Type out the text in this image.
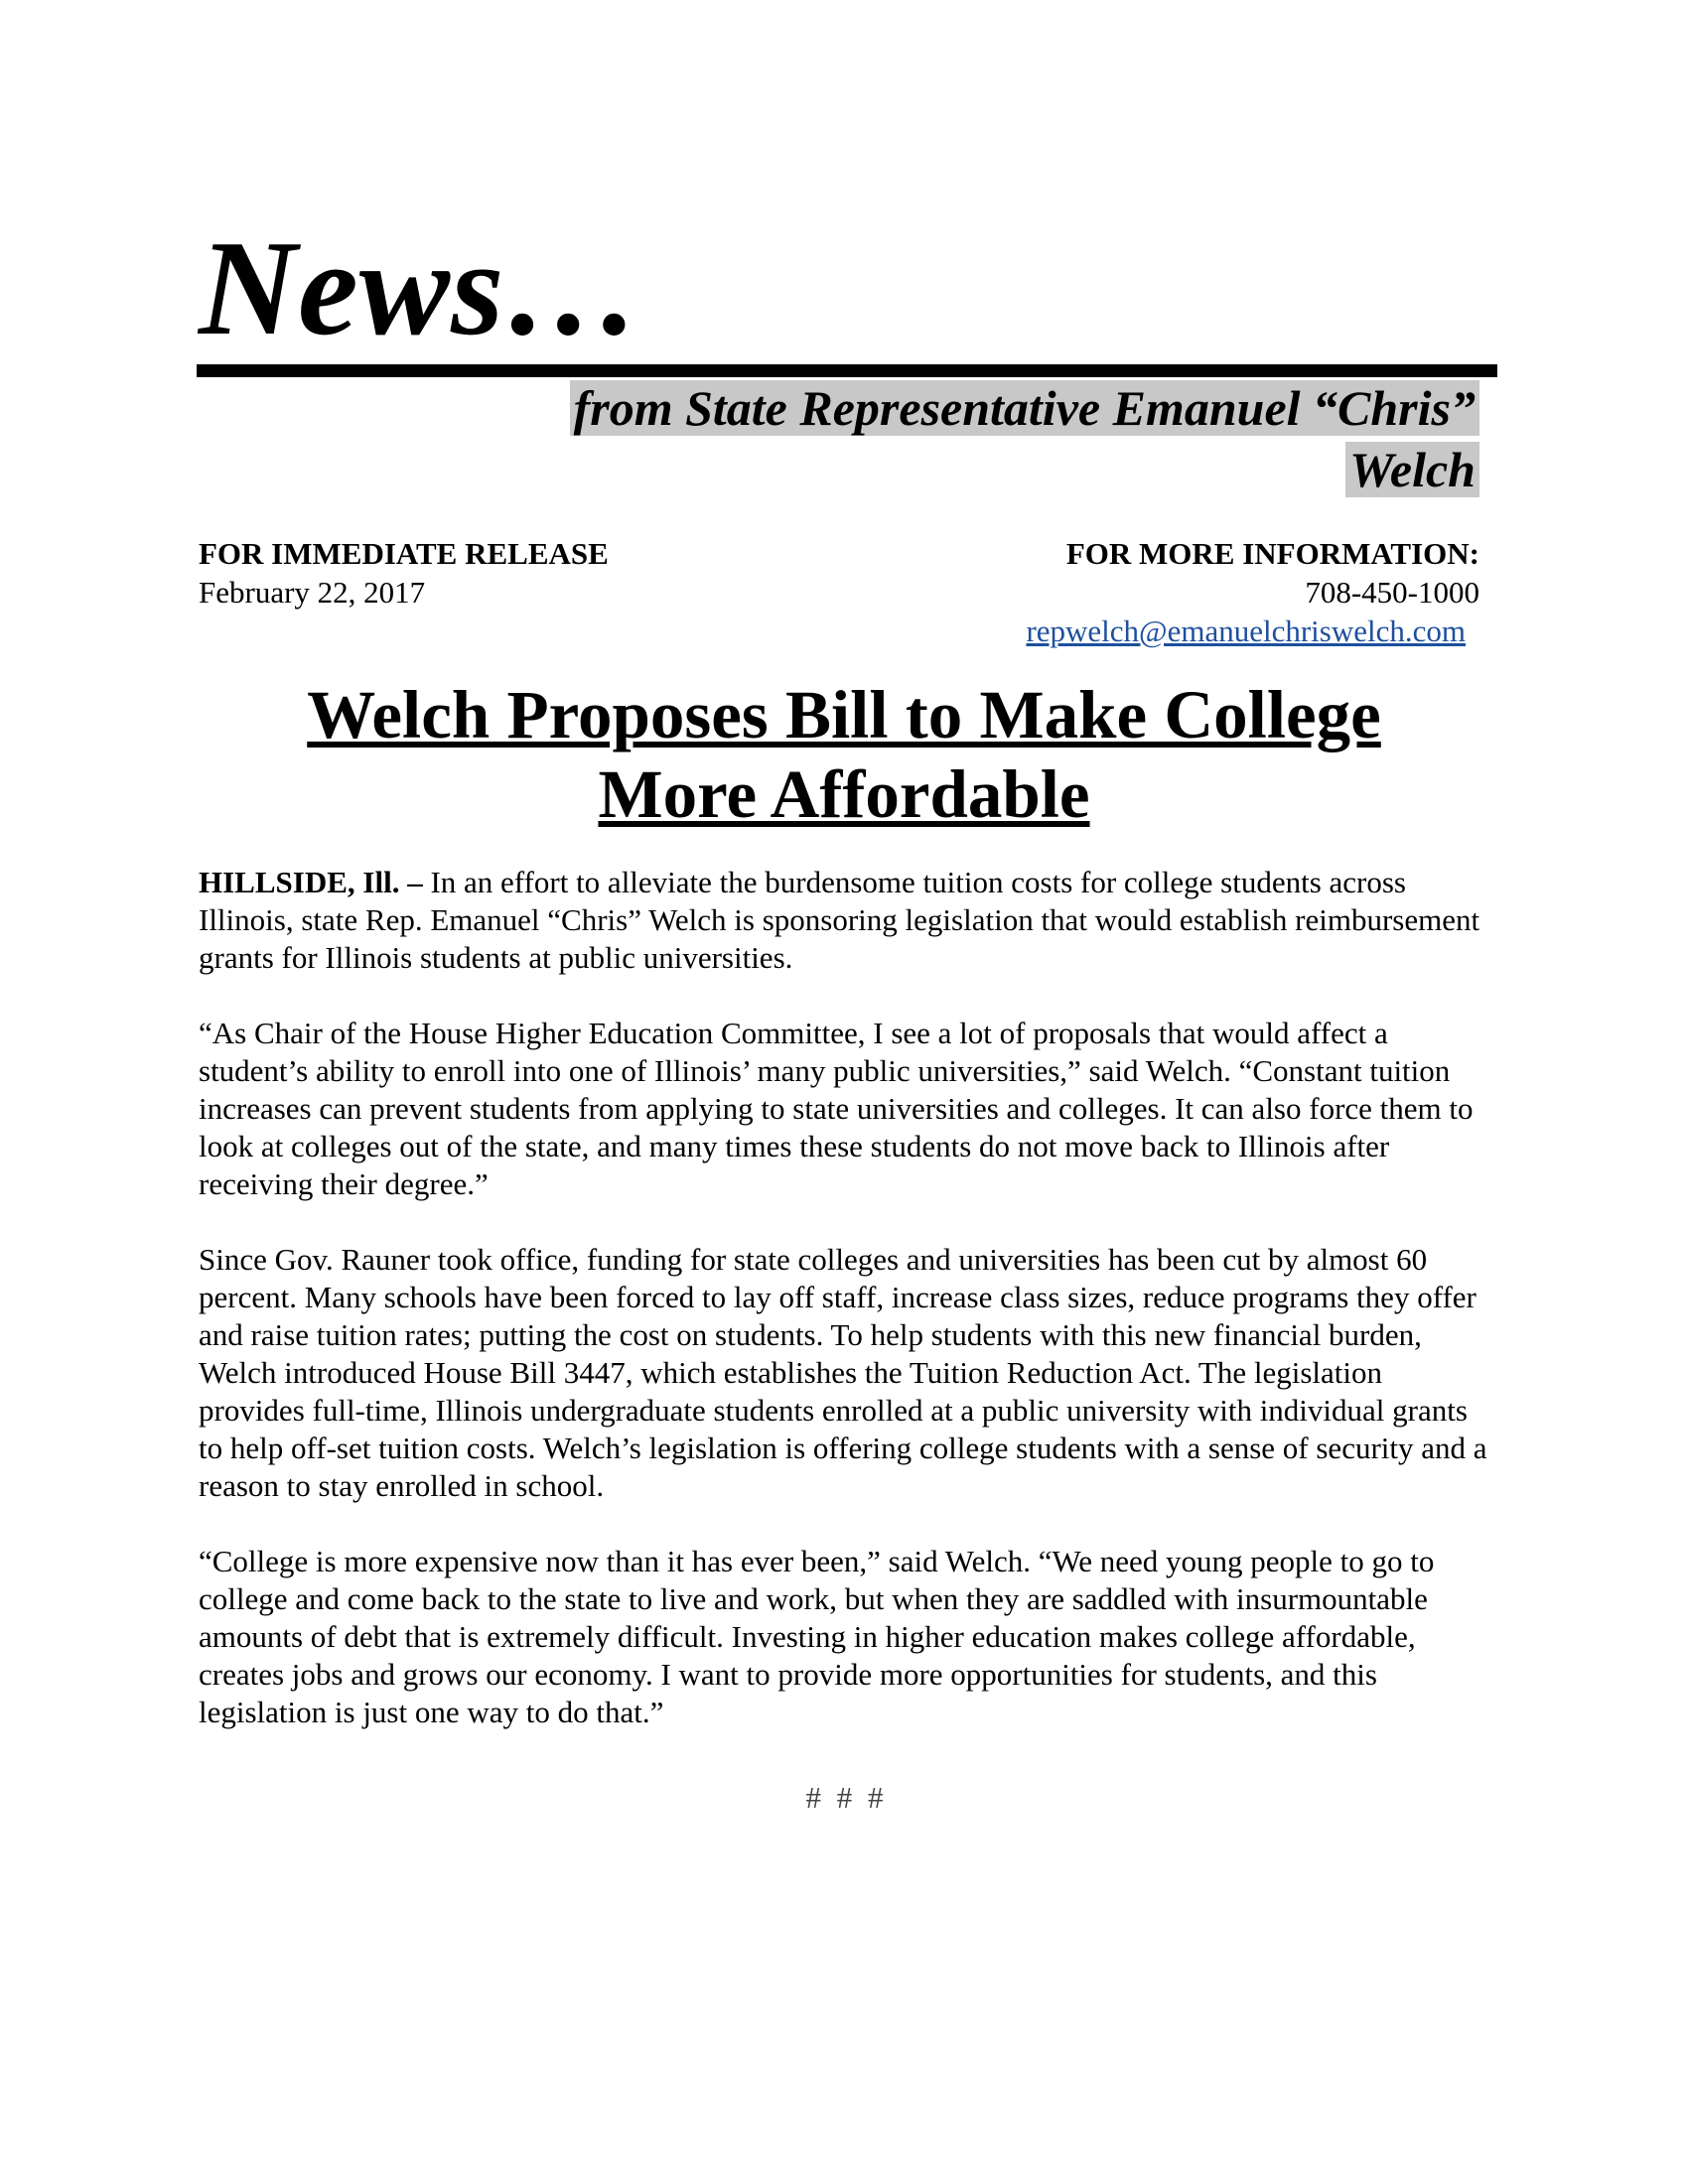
News…
from State Representative Emanuel “Chris”
Welch
FOR IMMEDIATE RELEASE
February 22, 2017
FOR MORE INFORMATION:
708-450-1000
repwelch@emanuelchriswelch.com
Welch Proposes Bill to Make College
More Affordable

HILLSIDE, Ill. – In an effort to alleviate the burdensome tuition costs for college students across Illinois, state Rep. Emanuel “Chris” Welch is sponsoring legislation that would establish reimbursement grants for Illinois students at public universities.

“As Chair of the House Higher Education Committee, I see a lot of proposals that would affect a student’s ability to enroll into one of Illinois’ many public universities,” said Welch. “Constant tuition increases can prevent students from applying to state universities and colleges. It can also force them to look at colleges out of the state, and many times these students do not move back to Illinois after receiving their degree.”

Since Gov. Rauner took office, funding for state colleges and universities has been cut by almost 60 percent. Many schools have been forced to lay off staff, increase class sizes, reduce programs they offer and raise tuition rates; putting the cost on students. To help students with this new financial burden, Welch introduced House Bill 3447, which establishes the Tuition Reduction Act. The legislation provides full-time, Illinois undergraduate students enrolled at a public university with individual grants to help off-set tuition costs. Welch’s legislation is offering college students with a sense of security and a reason to stay enrolled in school.

“College is more expensive now than it has ever been,” said Welch. “We need young people to go to college and come back to the state to live and work, but when they are saddled with insurmountable amounts of debt that is extremely difficult. Investing in higher education makes college affordable, creates jobs and grows our economy. I want to provide more opportunities for students, and this legislation is just one way to do that.”

# # #
